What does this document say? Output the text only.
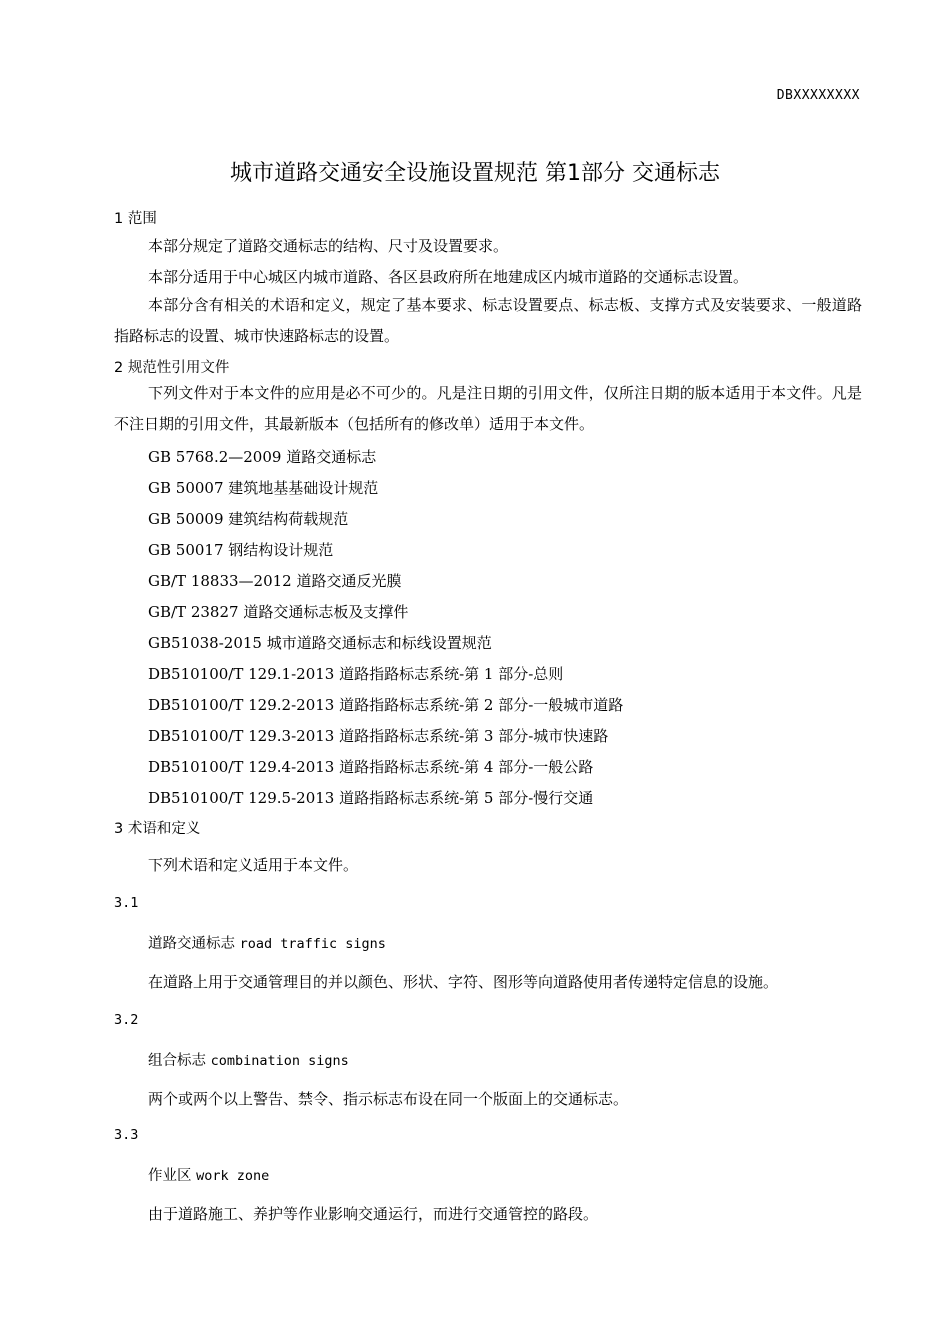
DBXXXXXXXX
城市道路交通安全设施设置规范 第1部分 交通标志
1 范围
本部分规定了道路交通标志的结构、尺寸及设置要求。
本部分适用于中心城区内城市道路、各区县政府所在地建成区内城市道路的交通标志设置。
本部分含有相关的术语和定义，规定了基本要求、标志设置要点、标志板、支撑方式及安装要求、一般道路指路标志的设置、城市快速路标志的设置。
2 规范性引用文件
下列文件对于本文件的应用是必不可少的。凡是注日期的引用文件，仅所注日期的版本适用于本文件。凡是不注日期的引用文件，其最新版本（包括所有的修改单）适用于本文件。
GB 5768.2—2009 道路交通标志
GB 50007 建筑地基基础设计规范
GB 50009 建筑结构荷载规范
GB 50017 钢结构设计规范
GB/T 18833—2012 道路交通反光膜
GB/T 23827 道路交通标志板及支撑件
GB51038-2015 城市道路交通标志和标线设置规范
DB510100/T 129.1-2013 道路指路标志系统-第 1 部分-总则
DB510100/T 129.2-2013 道路指路标志系统-第 2 部分-一般城市道路
DB510100/T 129.3-2013 道路指路标志系统-第 3 部分-城市快速路
DB510100/T 129.4-2013 道路指路标志系统-第 4 部分-一般公路
DB510100/T 129.5-2013 道路指路标志系统-第 5 部分-慢行交通
3 术语和定义
下列术语和定义适用于本文件。
3.1
道路交通标志 road traffic signs
在道路上用于交通管理目的并以颜色、形状、字符、图形等向道路使用者传递特定信息的设施。
3.2
组合标志 combination signs
两个或两个以上警告、禁令、指示标志布设在同一个版面上的交通标志。
3.3
作业区 work zone
由于道路施工、养护等作业影响交通运行，而进行交通管控的路段。
